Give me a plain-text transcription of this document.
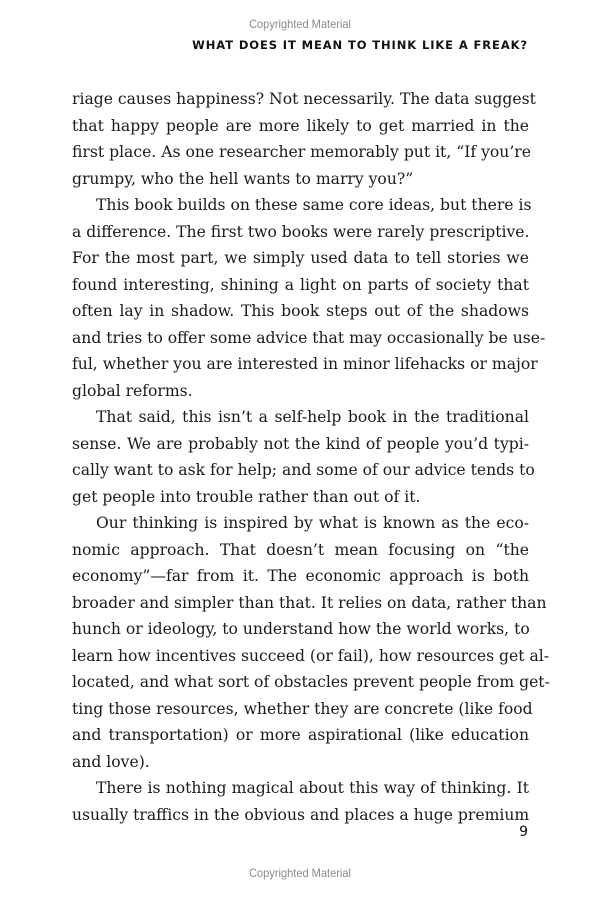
Copyrighted Material
WHAT DOES IT MEAN TO THINK LIKE A FREAK?
riage causes happiness? Not necessarily. The data suggest
that happy people are more likely to get married in the
first place. As one researcher memorably put it, “If you’re
grumpy, who the hell wants to marry you?”
This book builds on these same core ideas, but there is
a difference. The first two books were rarely prescriptive.
For the most part, we simply used data to tell stories we
found interesting, shining a light on parts of society that
often lay in shadow. This book steps out of the shadows
and tries to offer some advice that may occasionally be use-
ful, whether you are interested in minor lifehacks or major
global reforms.
That said, this isn’t a self-help book in the traditional
sense. We are probably not the kind of people you’d typi-
cally want to ask for help; and some of our advice tends to
get people into trouble rather than out of it.
Our thinking is inspired by what is known as the eco-
nomic approach. That doesn’t mean focusing on “the
economy”—far from it. The economic approach is both
broader and simpler than that. It relies on data, rather than
hunch or ideology, to understand how the world works, to
learn how incentives succeed (or fail), how resources get al-
located, and what sort of obstacles prevent people from get-
ting those resources, whether they are concrete (like food
and transportation) or more aspirational (like education
and love).
There is nothing magical about this way of thinking. It
usually traffics in the obvious and places a huge premium
9
Copyrighted Material
